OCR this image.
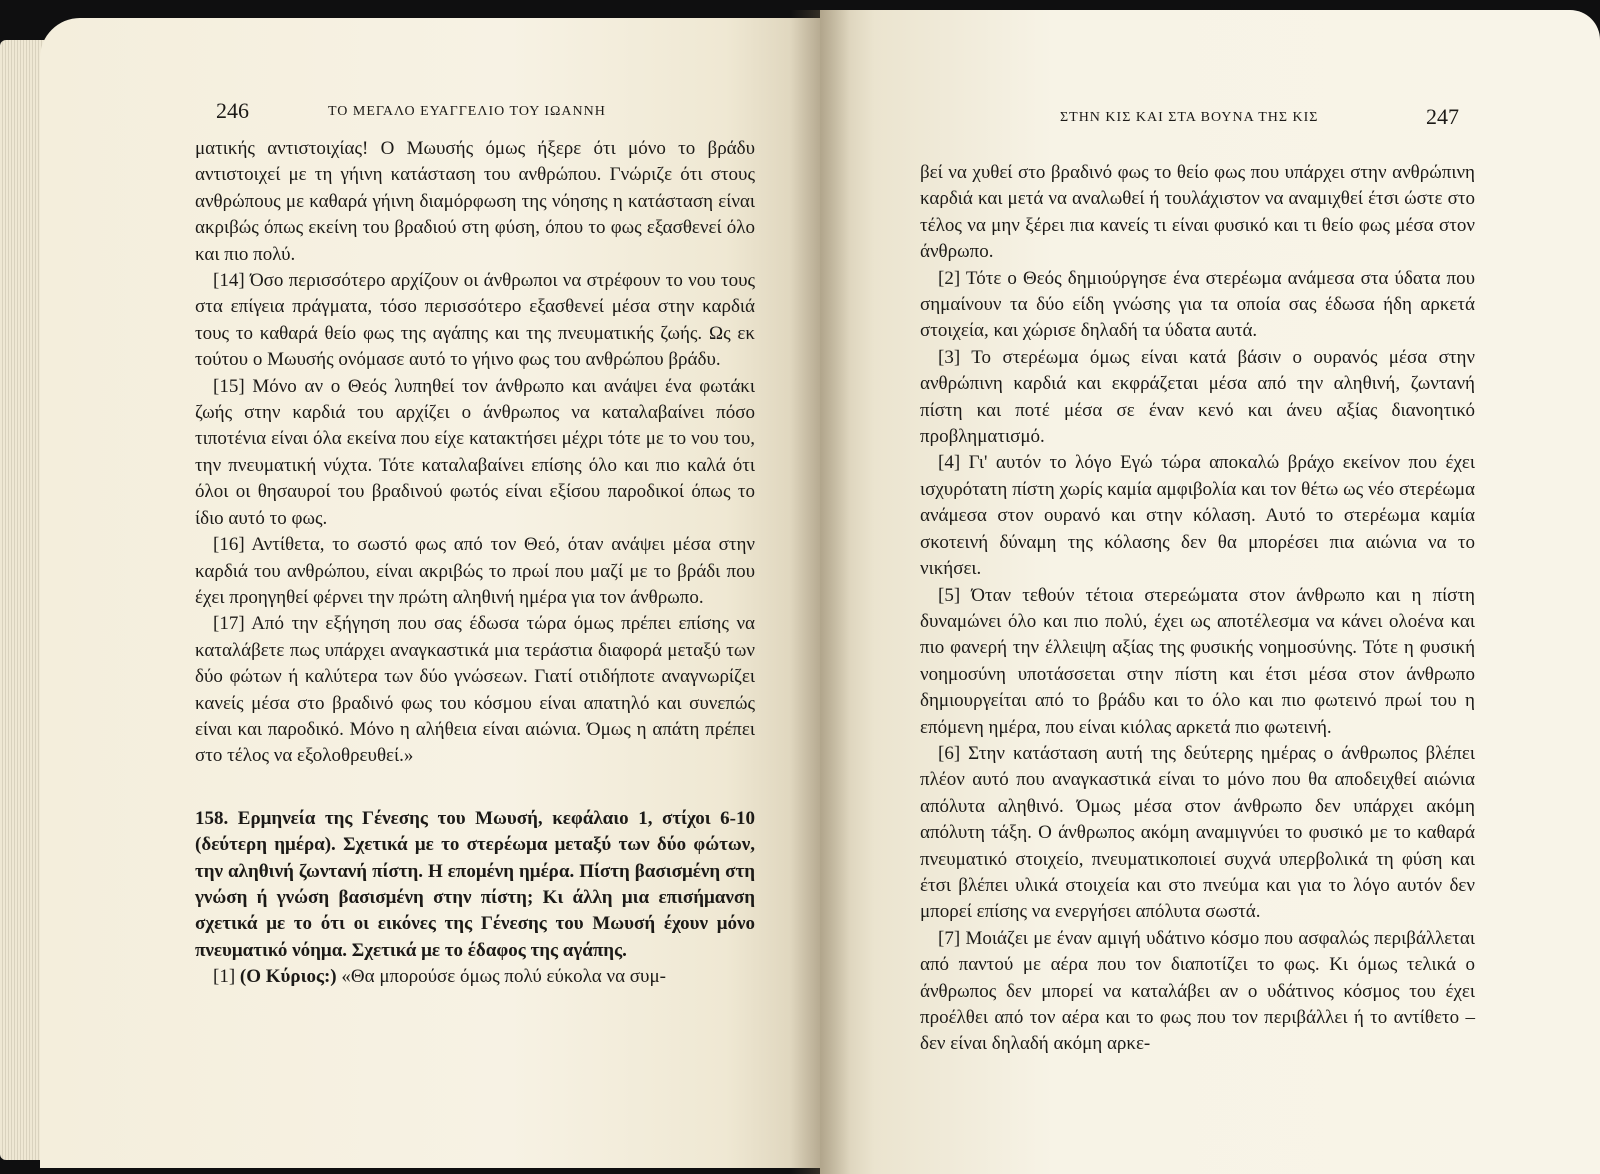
246	ΤΟ ΜΕΓΑΛΟ ΕΥΑΓΓΕΛΙΟ ΤΟΥ ΙΩΑΝΝΗ

ματικής αντιστοιχίας! Ο Μωυσής όμως ήξερε ότι μόνο το βράδυ αντιστοιχεί με τη γήινη κατάσταση του ανθρώπου. Γνώριζε ότι στους ανθρώπους με καθαρά γήινη διαμόρφωση της νόησης η κατάσταση είναι ακριβώς όπως εκείνη του βραδιού στη φύση, όπου το φως εξασθενεί όλο και πιο πολύ.

[14] Όσο περισσότερο αρχίζουν οι άνθρωποι να στρέφουν το νου τους στα επίγεια πράγματα, τόσο περισσότερο εξασθενεί μέσα στην καρδιά τους το καθαρά θείο φως της αγάπης και της πνευματικής ζωής. Ως εκ τούτου ο Μωυσής ονόμασε αυτό το γήινο φως του ανθρώπου βράδυ.

[15] Μόνο αν ο Θεός λυπηθεί τον άνθρωπο και ανάψει ένα φωτάκι ζωής στην καρδιά του αρχίζει ο άνθρωπος να καταλαβαίνει πόσο τιποτένια είναι όλα εκείνα που είχε κατακτήσει μέχρι τότε με το νου του, την πνευματική νύχτα. Τότε καταλαβαίνει επίσης όλο και πιο καλά ότι όλοι οι θησαυροί του βραδινού φωτός είναι εξίσου παροδικοί όπως το ίδιο αυτό το φως.

[16] Αντίθετα, το σωστό φως από τον Θεό, όταν ανάψει μέσα στην καρδιά του ανθρώπου, είναι ακριβώς το πρωί που μαζί με το βράδι που έχει προηγηθεί φέρνει την πρώτη αληθινή ημέρα για τον άνθρωπο.

[17] Από την εξήγηση που σας έδωσα τώρα όμως πρέπει επίσης να καταλάβετε πως υπάρχει αναγκαστικά μια τεράστια διαφορά μεταξύ των δύο φώτων ή καλύτερα των δύο γνώσεων. Γιατί οτιδήποτε αναγνωρίζει κανείς μέσα στο βραδινό φως του κόσμου είναι απατηλό και συνεπώς είναι και παροδικό. Μόνο η αλήθεια είναι αιώνια. Όμως η απάτη πρέπει στο τέλος να εξολοθρευθεί.»

158. Ερμηνεία της Γένεσης του Μωυσή, κεφάλαιο 1, στίχοι 6-10 (δεύτερη ημέρα). Σχετικά με το στερέωμα μεταξύ των δύο φώτων, την αληθινή ζωντανή πίστη. Η επομένη ημέρα. Πίστη βασισμένη στη γνώση ή γνώση βασισμένη στην πίστη; Κι άλλη μια επισήμανση σχετικά με το ότι οι εικόνες της Γένεσης του Μωυσή έχουν μόνο πνευματικό νόημα. Σχετικά με το έδαφος της αγάπης.

[1] (Ο Κύριος:) «Θα μπορούσε όμως πολύ εύκολα να συμ-

ΣΤΗΝ ΚΙΣ ΚΑΙ ΣΤΑ ΒΟΥΝΑ ΤΗΣ ΚΙΣ	247

βεί να χυθεί στο βραδινό φως το θείο φως που υπάρχει στην ανθρώπινη καρδιά και μετά να αναλωθεί ή τουλάχιστον να αναμιχθεί έτσι ώστε στο τέλος να μην ξέρει πια κανείς τι είναι φυσικό και τι θείο φως μέσα στον άνθρωπο.

[2] Τότε ο Θεός δημιούργησε ένα στερέωμα ανάμεσα στα ύδατα που σημαίνουν τα δύο είδη γνώσης για τα οποία σας έδωσα ήδη αρκετά στοιχεία, και χώρισε δηλαδή τα ύδατα αυτά.

[3] Το στερέωμα όμως είναι κατά βάσιν ο ουρανός μέσα στην ανθρώπινη καρδιά και εκφράζεται μέσα από την αληθινή, ζωντανή πίστη και ποτέ μέσα σε έναν κενό και άνευ αξίας διανοητικό προβληματισμό.

[4] Γι' αυτόν το λόγο Εγώ τώρα αποκαλώ βράχο εκείνον που έχει ισχυρότατη πίστη χωρίς καμία αμφιβολία και τον θέτω ως νέο στερέωμα ανάμεσα στον ουρανό και στην κόλαση. Αυτό το στερέωμα καμία σκοτεινή δύναμη της κόλασης δεν θα μπορέσει πια αιώνια να το νικήσει.

[5] Όταν τεθούν τέτοια στερεώματα στον άνθρωπο και η πίστη δυναμώνει όλο και πιο πολύ, έχει ως αποτέλεσμα να κάνει ολοένα και πιο φανερή την έλλειψη αξίας της φυσικής νοημοσύνης. Τότε η φυσική νοημοσύνη υποτάσσεται στην πίστη και έτσι μέσα στον άνθρωπο δημιουργείται από το βράδυ και το όλο και πιο φωτεινό πρωί του η επόμενη ημέρα, που είναι κιόλας αρκετά πιο φωτεινή.

[6] Στην κατάσταση αυτή της δεύτερης ημέρας ο άνθρωπος βλέπει πλέον αυτό που αναγκαστικά είναι το μόνο που θα αποδειχθεί αιώνια απόλυτα αληθινό. Όμως μέσα στον άνθρωπο δεν υπάρχει ακόμη απόλυτη τάξη. Ο άνθρωπος ακόμη αναμιγνύει το φυσικό με το καθαρά πνευματικό στοιχείο, πνευματικοποιεί συχνά υπερβολικά τη φύση και έτσι βλέπει υλικά στοιχεία και στο πνεύμα και για το λόγο αυτόν δεν μπορεί επίσης να ενεργήσει απόλυτα σωστά.

[7] Μοιάζει με έναν αμιγή υδάτινο κόσμο που ασφαλώς περιβάλλεται από παντού με αέρα που τον διαποτίζει το φως. Κι όμως τελικά ο άνθρωπος δεν μπορεί να καταλάβει αν ο υδάτινος κόσμος του έχει προέλθει από τον αέρα και το φως που τον περιβάλλει ή το αντίθετο – δεν είναι δηλαδή ακόμη αρκε-
